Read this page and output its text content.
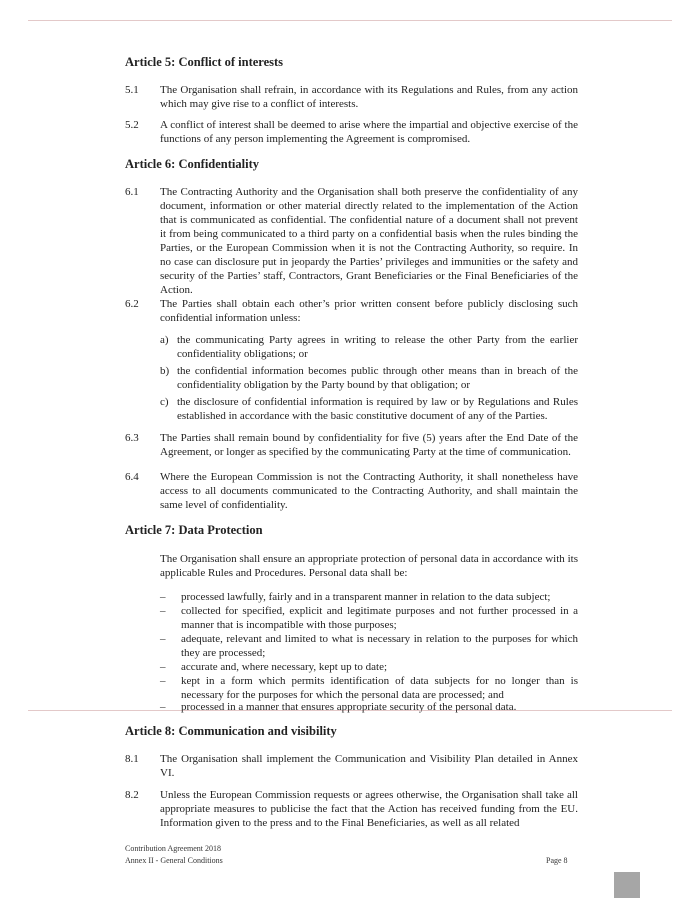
Article 5: Conflict of interests
5.1 The Organisation shall refrain, in accordance with its Regulations and Rules, from any action which may give rise to a conflict of interests.
5.2 A conflict of interest shall be deemed to arise where the impartial and objective exercise of the functions of any person implementing the Agreement is compromised.
Article 6: Confidentiality
6.1 The Contracting Authority and the Organisation shall both preserve the confidentiality of any document, information or other material directly related to the implementation of the Action that is communicated as confidential. The confidential nature of a document shall not prevent it from being communicated to a third party on a confidential basis when the rules binding the Parties, or the European Commission when it is not the Contracting Authority, so require. In no case can disclosure put in jeopardy the Parties’ privileges and immunities or the safety and security of the Parties’ staff, Contractors, Grant Beneficiaries or the Final Beneficiaries of the Action.
6.2 The Parties shall obtain each other’s prior written consent before publicly disclosing such confidential information unless:
a) the communicating Party agrees in writing to release the other Party from the earlier confidentiality obligations; or
b) the confidential information becomes public through other means than in breach of the confidentiality obligation by the Party bound by that obligation; or
c) the disclosure of confidential information is required by law or by Regulations and Rules established in accordance with the basic constitutive document of any of the Parties.
6.3 The Parties shall remain bound by confidentiality for five (5) years after the End Date of the Agreement, or longer as specified by the communicating Party at the time of communication.
6.4 Where the European Commission is not the Contracting Authority, it shall nonetheless have access to all documents communicated to the Contracting Authority, and shall maintain the same level of confidentiality.
Article 7: Data Protection
The Organisation shall ensure an appropriate protection of personal data in accordance with its applicable Rules and Procedures. Personal data shall be:
–	processed lawfully, fairly and in a transparent manner in relation to the data subject;
–	collected for specified, explicit and legitimate purposes and not further processed in a manner that is incompatible with those purposes;
–	adequate, relevant and limited to what is necessary in relation to the purposes for which they are processed;
–	accurate and, where necessary, kept up to date;
–	kept in a form which permits identification of data subjects for no longer than is necessary for the purposes for which the personal data are processed; and
–	processed in a manner that ensures appropriate security of the personal data.
Article 8: Communication and visibility
8.1 The Organisation shall implement the Communication and Visibility Plan detailed in Annex VI.
8.2 Unless the European Commission requests or agrees otherwise, the Organisation shall take all appropriate measures to publicise the fact that the Action has received funding from the EU. Information given to the press and to the Final Beneficiaries, as well as all related
Contribution Agreement 2018
Annex II - General Conditions	Page 8
